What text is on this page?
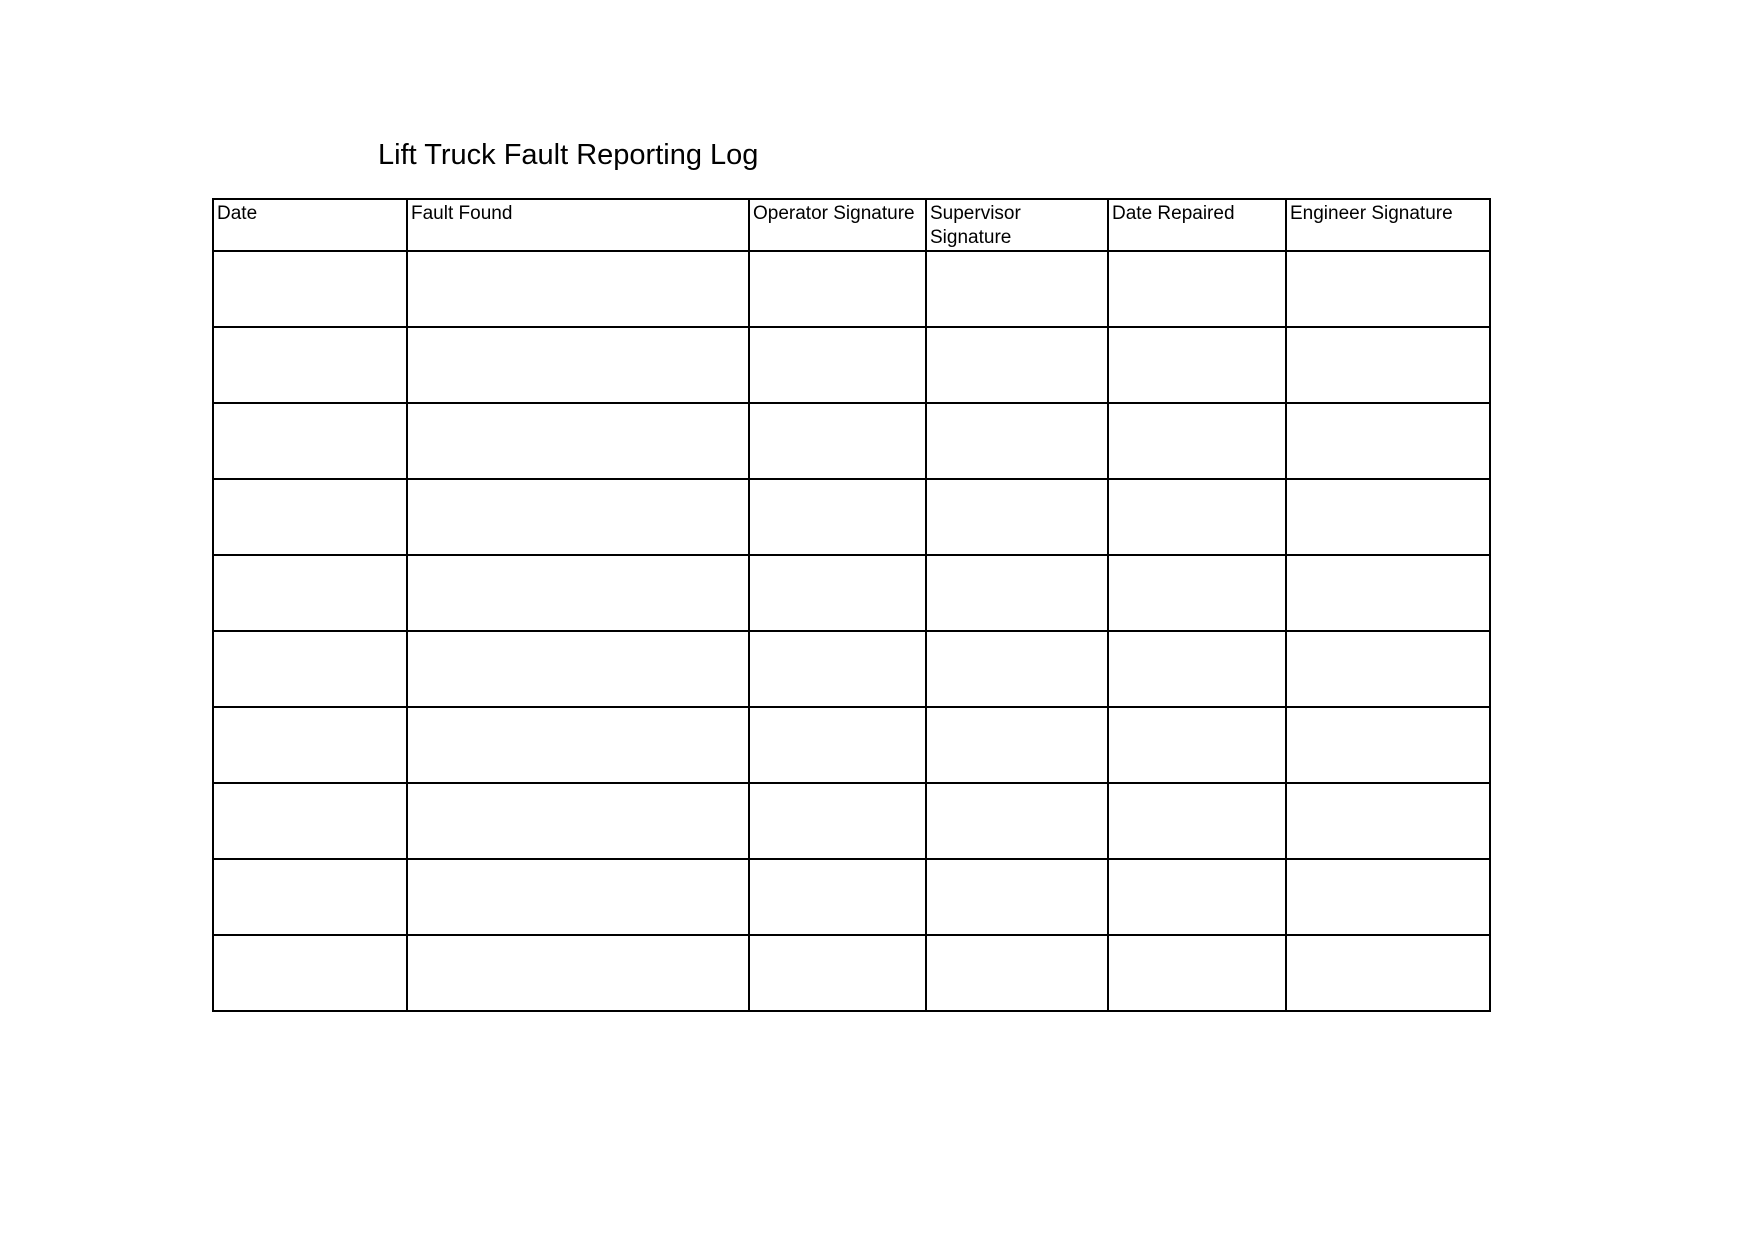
Lift Truck Fault Reporting Log
Date	Fault Found	Operator Signature	Supervisor Signature	Date Repaired	Engineer Signature
